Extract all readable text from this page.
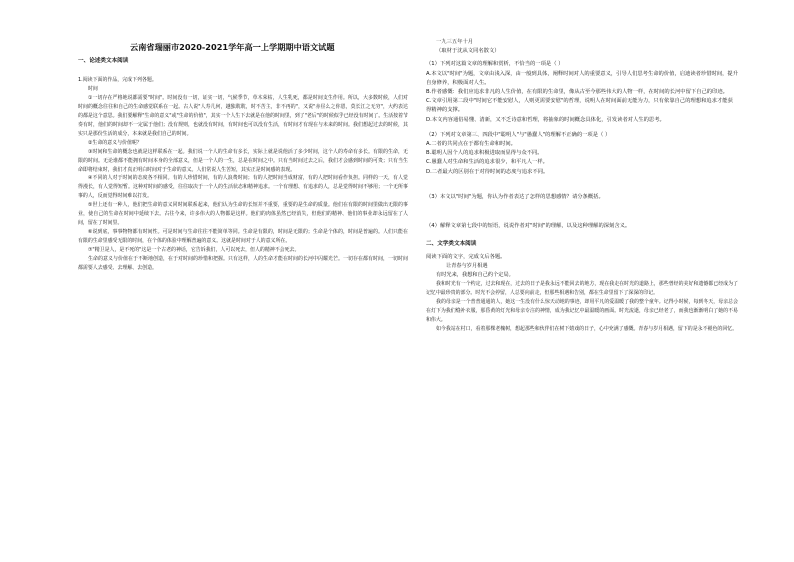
云南省瑞丽市2020-2021学年高一上学期期中语文试题

一、论述类文本阅读

1.阅读下面的作品，完成下列各题。

时间

①一切存在严格地说都需要"时间"。时间没有一切，证实一切，气候季节，草木荣枯，人生乳死，都是时间支生作用。所以，大多数时候，人们对时间的概念往往和自己的生命感觉联系在一起。古人说"人寿几何，越独耽耽，时不苦主，非不再的"，又说"赤昼么之你恩，莫长江之无穷"，大约表达的都是这个意思。我们要解释"生命的意义"或"生命的价值"，其实一个人生下去就是在他的时间里，到了"老后"的时候似乎已经没有时间了。生活按着节奏有时，他们的时间却不一定属于他们；没有规则，也就没有时间，有时间也可以没有生活，有时间才有现在与未来的时间。我们想起过去的时候，其实只是那份生活的成分，本来就是我们自己的时间。

②生命的意义与价值呢？

③时间和生命的概念也就是这样联系在一起。我们说一个人的生命有多长，实际上就是说他活了多少时间，这个人的寿命有多长。有限的生命，无限的时间。无论谁都不能拥有时间本身的全部意义，但是一个人的一生，总是在时间之中。只有当时间过去之后，我们才会感到时间的可贵；只有当生命即将结束时，我们才真正明白时间对于生命的意义。人们常说人生苦短，其实正是时间感的表现。

④不同的人对于时间的态度各不相同。有的人珍惜时间，有的人浪费时间；有的人把时间当成财富，有的人把时间看作负担。同样的一天，有人觉得漫长，有人觉得短暂。这种对时间的感受，往往取决于一个人的生活状态和精神追求。一个有理想、有追求的人，总是觉得时间不够用；一个无所事事的人，反而觉得时间难以打发。

⑤世上还有一种人，他们把生命的意义同时间联系起来，他们认为生命的长短并不重要，重要的是生命的质量。他们在有限的时间里做出无限的事业，使自己的生命在时间中延续下去。古往今来，许多伟大的人物都是这样。他们的肉体虽然已经消失，但他们的精神、他们的事业却永远留在了人间，留在了时间里。

⑥说到底，事事物物都有时间性。可是时间与生命往往不能简单等同。生命是有限的，时间是无限的；生命是个体的，时间是普遍的。人们只能在有限的生命里感受无限的时间，在个体的体验中理解普遍的意义。这就是时间对于人的意义所在。

⑦"精卫是人，是不死的"这是一个古老的神话，它告诉我们，人可以死去，但人的精神不会死去。

生命的意义与价值在于不断地创造，在于对时间的珍惜和把握。只有这样，人的生命才能在时间的长河中闪耀光芒。一切存在都有时间，一切时间都需要人去感受、去理解、去创造。

一九三五年十月

（取材于沈从文同名散文）

（1）下列对这篇文章的理解和赏析，不恰当的一项是（ ）

A.本文以"时间"为题，文章由浅入深，由一般到具体，阐释时间对人的重要意义，引导人们思考生命的价值，启迪读者珍惜时间，提升自身修养，积极面对人生。

B.作者感慨：我们应追求非凡的人生价值，在有限的生命里，像从古至今那些伟大的人物一样，在时间的长河中留下自己的印迹。

C.文章引用第二段中"时间它不能安慰人，人则更需要安慰"的哲理，说明人在时间面前无能为力，只有依靠自己的理想和追求才能获得精神的支撑。

D.本文内容通俗易懂、清新，又不乏诗意和哲理，将抽象的时间概念具体化，引发读者对人生的思考。

（2）下列对文章第三、四段中"聪明人"与"愚蠢人"的理解不正确的一项是（ ）

A.二者的共同点在于都有生命和时间。

B.聪明人因个人的追求积极进取而显得与众不同。

C.愚蠢人对生命和生活的追求很少，和平凡人一样。

D.二者最大的区别在于对待时间的态度与追求不同。

（3）本文以"时间"为题，你认为作者表达了怎样的思想感情？请分条概括。

（4）解释文章第七段中的短语，说说作者对"时间"的理解，以及这种理解的深刻含义。

二、文学类文本阅读

阅读下面的文字，完成文后各题。

让青春与岁月相遇

有时光来，我想和自己约个定局。

我和时光有一个约定，过去和现在，过去的日子是我永远不能回去的地方，现在我走在时光的道路上，那些曾经的美好和遗憾都已经成为了记忆中最珍贵的部分。时光不会停留，人总要向前走，但那些相遇和告别，都在生命里留下了深深的印记。

我的母亲是一个普普通通的人，她这一生没有什么惊天动地的事迹，却用平凡的爱温暖了我的整个童年。记得小时候，每到冬天，母亲总会在灯下为我们缝补衣服，那昏黄的灯光和母亲专注的神情，成为我记忆中最温暖的画面。时光流逝，母亲已经老了，而我也渐渐明白了她的不易和伟大。

如今我站在村口，看着那棵老槐树，想起那些和伙伴们在树下嬉戏的日子，心中充满了感慨。青春与岁月相遇，留下的是永不褪色的回忆。
